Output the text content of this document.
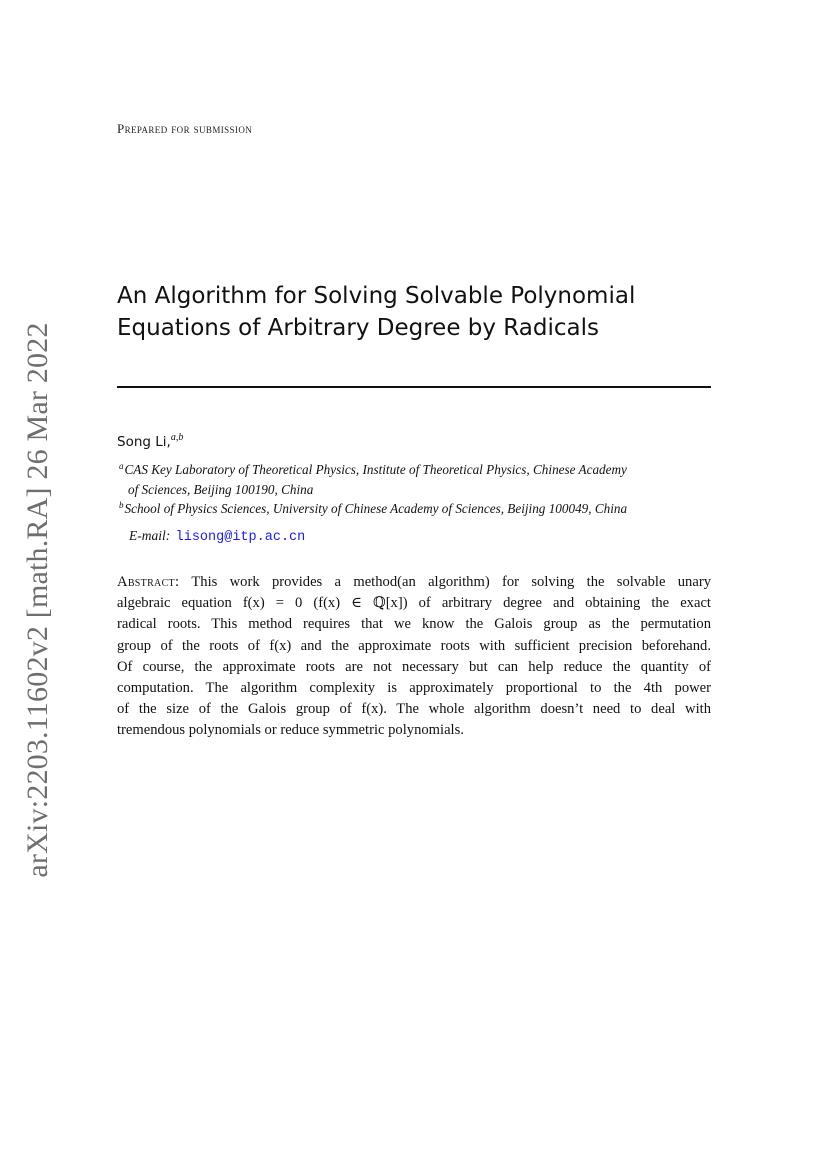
Prepared for submission
An Algorithm for Solving Solvable Polynomial
Equations of Arbitrary Degree by Radicals
Song Li,$^{a,b}$
$^a$CAS Key Laboratory of Theoretical Physics, Institute of Theoretical Physics, Chinese Academy
of Sciences, Beijing 100190, China
$^b$School of Physics Sciences, University of Chinese Academy of Sciences, Beijing 100049, China
E-mail: lisong@itp.ac.cn
Abstract: This work provides a method(an algorithm) for solving the solvable unary
algebraic equation f(x) = 0 (f(x) ∈ ℚ[x]) of arbitrary degree and obtaining the exact
radical roots. This method requires that we know the Galois group as the permutation
group of the roots of f(x) and the approximate roots with sufficient precision beforehand.
Of course, the approximate roots are not necessary but can help reduce the quantity of
computation. The algorithm complexity is approximately proportional to the 4th power
of the size of the Galois group of f(x). The whole algorithm doesn’t need to deal with
tremendous polynomials or reduce symmetric polynomials.
arXiv:2203.11602v2 [math.RA] 26 Mar 2022
